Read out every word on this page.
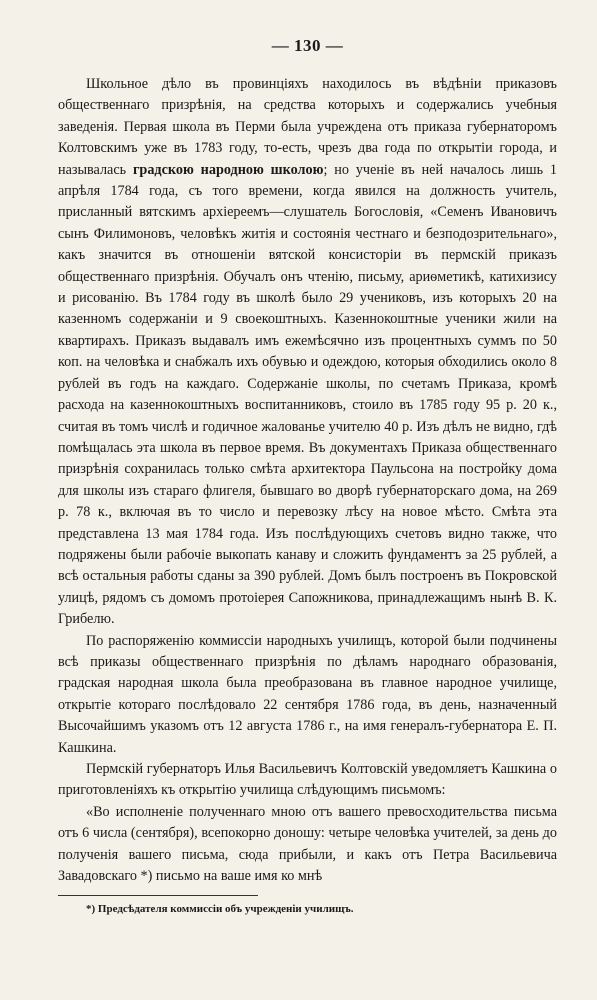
— 130 —

Школьное дѣло въ провинціяхъ находилось въ вѣдѣніи приказовъ общественнаго призрѣнія, на средства которыхъ и содержались учебныя заведенія. Первая школа въ Перми была учреждена отъ приказа губернаторомъ Колтовскимъ уже въ 1783 году, то-есть, чрезъ два года по открытіи города, и называлась градскою народною школою; но ученіе въ ней началось лишь 1 апрѣля 1784 года, съ того времени, когда явился на должность учитель, присланный вятскимъ архіереемъ—слушатель Богословія, «Семенъ Ивановичъ сынъ Филимоновъ, человѣкъ житія и состоянія честнаго и безподозрительнаго», какъ значится въ отношеніи вятской консисторіи въ пермскій приказъ общественнаго призрѣнія. Обучалъ онъ чтенію, письму, ариѳметикѣ, катихизису и рисованію. Въ 1784 году въ школѣ было 29 учениковъ, изъ которыхъ 20 на казенномъ содержаніи и 9 своекоштныхъ. Казеннокоштные ученики жили на квартирахъ. Приказъ выдавалъ имъ ежемѣсячно изъ процентныхъ суммъ по 50 коп. на человѣка и снабжалъ ихъ обувью и одеждою, которыя обходились около 8 рублей въ годъ на каждаго. Содержаніе школы, по счетамъ Приказа, кромѣ расхода на казеннокоштныхъ воспитанниковъ, стоило въ 1785 году 95 р. 20 к., считая въ томъ числѣ и годичное жалованье учителю 40 р. Изъ дѣлъ не видно, гдѣ помѣщалась эта школа въ первое время. Въ документахъ Приказа общественнаго призрѣнія сохранилась только смѣта архитектора Паульсона на постройку дома для школы изъ стараго флигеля, бывшаго во дворѣ губернаторскаго дома, на 269 р. 78 к., включая въ то число и перевозку лѣсу на новое мѣсто. Смѣта эта представлена 13 мая 1784 года. Изъ послѣдующихъ счетовъ видно также, что подряжены были рабочіе выкопать канаву и сложить фундаментъ за 25 рублей, а всѣ остальныя работы сданы за 390 рублей. Домъ былъ построенъ въ Покровской улицѣ, рядомъ съ домомъ протоіерея Сапожникова, принадлежащимъ нынѣ В. К. Грибелю.

По распоряженію коммиссіи народныхъ училищъ, которой были подчинены всѣ приказы общественнаго призрѣнія по дѣламъ народнаго образованія, градская народная школа была преобразована въ главное народное училище, открытіе котораго послѣдовало 22 сентября 1786 года, въ день, назначенный Высочайшимъ указомъ отъ 12 августа 1786 г., на имя генералъ-губернатора Е. П. Кашкина.

Пермскій губернаторъ Илья Васильевичъ Колтовскій уведомляетъ Кашкина о приготовленіяхъ къ открытію училища слѣдующимъ письмомъ:

«Во исполненіе полученнаго мною отъ вашего превосходительства письма отъ 6 числа (сентября), всепокорно доношу: четыре человѣка учителей, за день до полученія вашего письма, сюда прибыли, и какъ отъ Петра Васильевича Завадовскаго *) письмо на ваше имя ко мнѣ

*) Предсѣдателя коммиссіи объ учрежденіи училищъ.
